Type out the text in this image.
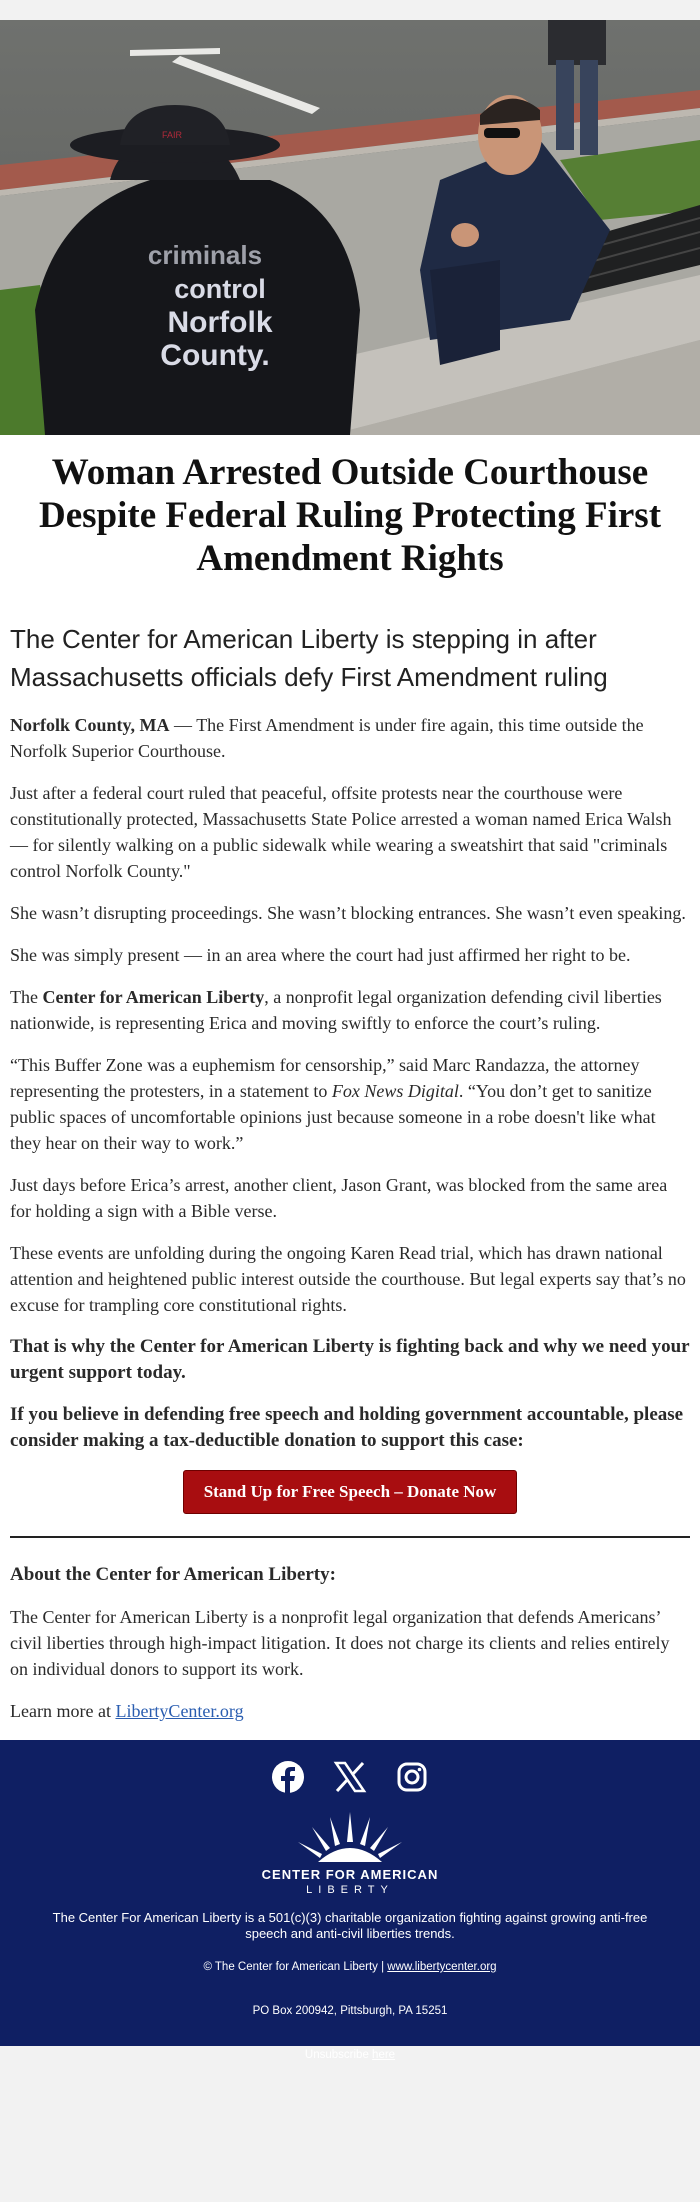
FAIR
criminals
control
Norfolk
County.
Woman Arrested Outside Courthouse Despite Federal Ruling Protecting First Amendment Rights
The Center for American Liberty is stepping in after Massachusetts officials defy First Amendment ruling

Norfolk County, MA — The First Amendment is under fire again, this time outside the Norfolk Superior Courthouse.

Just after a federal court ruled that peaceful, offsite protests near the courthouse were constitutionally protected, Massachusetts State Police arrested a woman named Erica Walsh — for silently walking on a public sidewalk while wearing a sweatshirt that said "criminals control Norfolk County."

She wasn’t disrupting proceedings. She wasn’t blocking entrances. She wasn’t even speaking.

She was simply present — in an area where the court had just affirmed her right to be.

The Center for American Liberty, a nonprofit legal organization defending civil liberties nationwide, is representing Erica and moving swiftly to enforce the court’s ruling.

“This Buffer Zone was a euphemism for censorship,” said Marc Randazza, the attorney representing the protesters, in a statement to Fox News Digital. “You don’t get to sanitize public spaces of uncomfortable opinions just because someone in a robe doesn't like what they hear on their way to work.”

Just days before Erica’s arrest, another client, Jason Grant, was blocked from the same area for holding a sign with a Bible verse.

These events are unfolding during the ongoing Karen Read trial, which has drawn national attention and heightened public interest outside the courthouse. But legal experts say that’s no excuse for trampling core constitutional rights.

That is why the Center for American Liberty is fighting back and why we need your urgent support today.

If you believe in defending free speech and holding government accountable, please consider making a tax-deductible donation to support this case:

Stand Up for Free Speech – Donate Now

About the Center for American Liberty:

The Center for American Liberty is a nonprofit legal organization that defends Americans’ civil liberties through high-impact litigation. It does not charge its clients and relies entirely on individual donors to support its work.

Learn more at LibertyCenter.org

CENTER FOR AMERICAN
LIBERTY

The Center For American Liberty is a 501(c)(3) charitable organization fighting against growing anti-free speech and anti-civil liberties trends.

© The Center for American Liberty | www.libertycenter.org

PO Box 200942, Pittsburgh, PA 15251

Unsubscribe here
